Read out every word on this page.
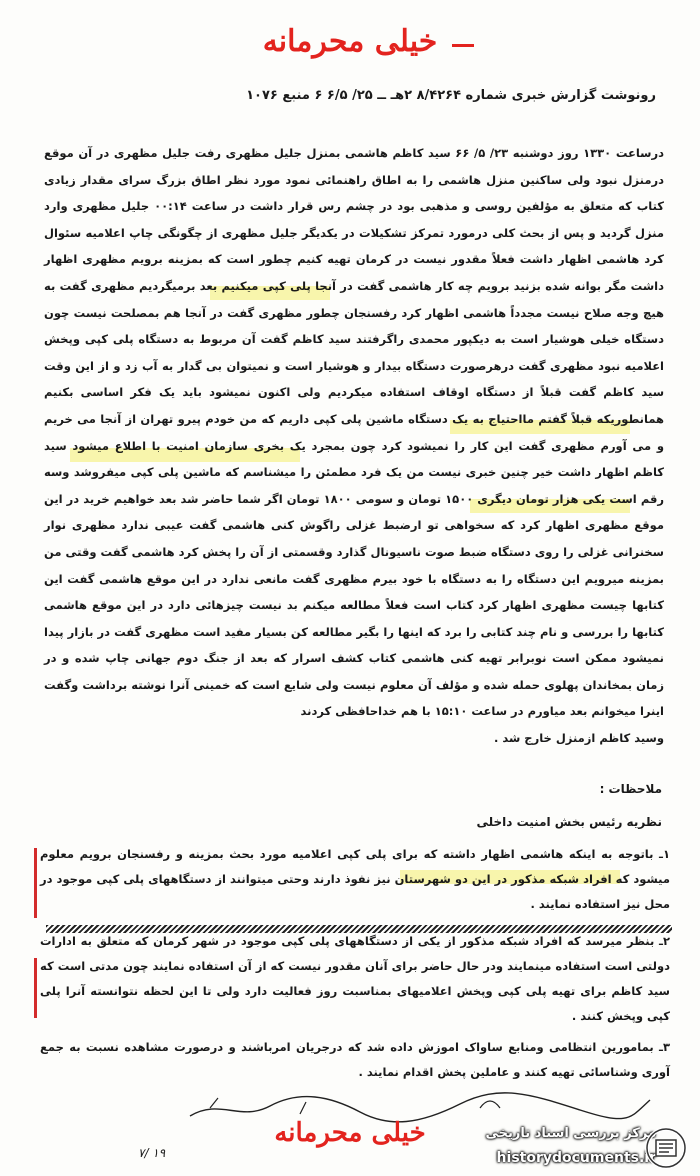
خیلی محرمانه
رونوشت گزارش خبری شماره ۸/۴۲۶۴ ۲هـ ــ ۲۵/ ۶/۵ ۶ منبع ۱۰۷۶

درساعت ۱۳۳۰ روز دوشنبه ۲۳/ ۵/ ۶۶ سید کاظم هاشمی بمنزل جلیل مظهری رفت جلیل مظهری در آن موقع درمنزل نبود ولی ساکنین منزل هاشمی را به اطاق راهنمائی نمود مورد نظر اطاق بزرگ سرای مقدار زیادی کتاب که متعلق به مؤلفین روسی و مذهبی بود در چشم رس قرار داشت در ساعت ۰۰:۱۴ جلیل مظهری وارد منزل گردید و پس از بحث کلی درمورد تمرکز تشکیلات در یکدیگر جلیل مظهری از چگونگی چاپ اعلامیه سئوال کرد هاشمی اظهار داشت فعلاً مقدور نیست در کرمان تهیه کنیم چطور است که بمزینه برویم مظهری اظهار داشت مگر بوانه شده بزنید برویم چه کار هاشمی گفت در آنجا پلی کپی میکنیم بعد برمیگردیم مظهری گفت به هیچ وجه صلاح نیست مجدداً هاشمی اظهار کرد رفسنجان چطور مظهری گفت در آنجا هم بمصلحت نیست چون دستگاه خیلی هوشیار است به دیکپور محمدی راگرفتند سید کاظم گفت آن مربوط به دستگاه پلی کپی وپخش اعلامیه نبود مظهری گفت درهرصورت دستگاه بیدار و هوشیار است و نمیتوان بی گدار به آب زد و از این وقت سید کاظم گفت قبلاً از دستگاه اوقاف استفاده میکردیم ولی اکنون نمیشود باید یک فکر اساسی بکنیم همانطوریکه قبلاً گفتم مااحتیاج به یک دستگاه ماشین پلی کپی داریم که من خودم پیرو تهران از آنجا می خریم و می آورم مظهری گفت این کار را نمیشود کرد چون بمجرد یک بخری سازمان امنیت با اطلاع میشود سید کاظم اظهار داشت خیر چنین خبری نیست من یک فرد مطمئن را میشناسم که ماشین پلی کپی میفروشد وسه رقم است یکی هزار تومان دیگری ۱۵۰۰ تومان و سومی ۱۸۰۰ تومان اگر شما حاضر شد بعد خواهیم خرید در این موقع مظهری اظهار کرد که سخواهی تو ارضبط غزلی راگوش کنی هاشمی گفت عیبی ندارد مظهری نوار سخنرانی غزلی را روی دستگاه ضبط صوت ناسیونال گذارد وقسمتی از آن را پخش کرد هاشمی گفت وقتی من بمزینه میرویم این دستگاه را به دستگاه با خود بیرم مظهری گفت مانعی ندارد در این موقع هاشمی گفت این کتابها چیست مظهری اظهار کرد کتاب است فعلاً مطالعه میکنم بد نیست چیزهائی دارد در این موقع هاشمی کتابها را بررسی و نام چند کتابی را برد که اینها را بگیر مطالعه کن بسیار مفید است مظهری گفت در بازار پیدا نمیشود ممکن است نوبرابر تهیه کنی هاشمی کتاب کشف اسرار که بعد از جنگ دوم جهانی چاپ شده و در زمان بمخاندان پهلوی حمله شده و مؤلف آن معلوم نیست ولی شایع است که خمینی آنرا نوشته برداشت وگفت اینرا میخوانم بعد میاورم در ساعت ۱۵:۱۰ با هم خداحافظی کردند

وسید کاظم ازمنزل خارج شد .

ملاحظات :
نظریه رئیس بخش امنیت داخلی

۱ـ باتوجه به اینکه هاشمی اظهار داشته که برای پلی کپی اعلامیه مورد بحث بمزینه و رفسنجان برویم معلوم میشود که افراد شبکه مذکور در این دو شهرستان نیز نفوذ دارند وحتی میتوانند از دستگاههای پلی کپی موجود در محل نیز استفاده نمایند .

۲ـ بنظر میرسد که افراد شبکه مذکور از یکی از دستگاههای پلی کپی موجود در شهر کرمان که متعلق به ادارات دولتی است استفاده مینمایند ودر حال حاضر برای آنان مقدور نیست که از آن استفاده نمایند چون مدتی است که سید کاظم برای تهیه پلی کپی وپخش اعلامیهای بمناسبت روز فعالیت دارد ولی تا این لحظه نتوانسته آنرا پلی کپی وپخش کنند .

۳ـ بمامورین انتظامی ومنابع ساواک اموزش داده شد که درجریان امرباشند و درصورت مشاهده نسبت به جمع آوری وشناسائی تهیه کنند و عاملین پخش اقدام نمایند .

خیلی محرمانه
۷/ ۱۹
مرکز بررسی اسناد تاریخی
historydocuments.ir
